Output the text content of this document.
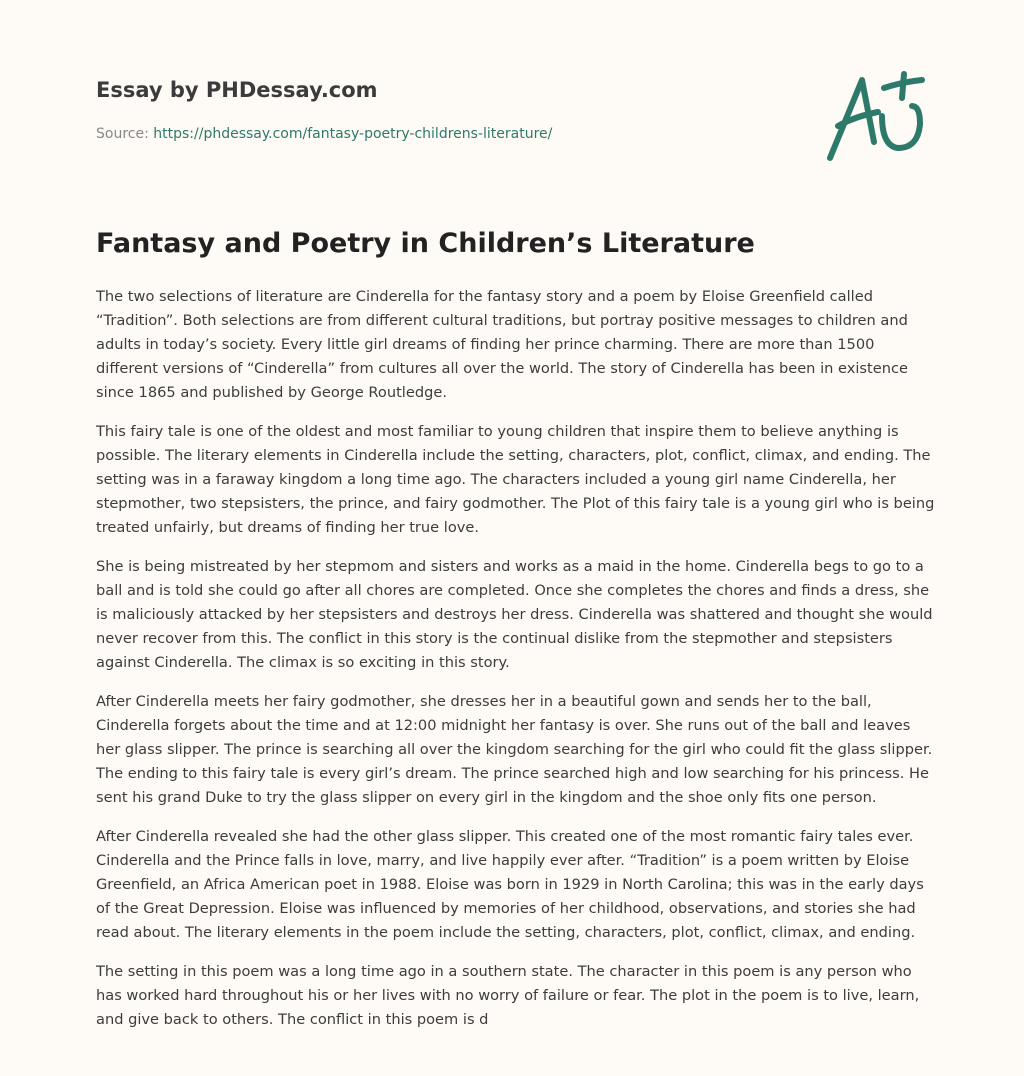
Essay by PHDessay.com
Source: https://phdessay.com/fantasy-poetry-childrens-literature/
Fantasy and Poetry in Children’s Literature

The two selections of literature are Cinderella for the fantasy story and a poem by Eloise Greenfield called “Tradition”. Both selections are from different cultural traditions, but portray positive messages to children and adults in today’s society. Every little girl dreams of finding her prince charming. There are more than 1500 different versions of “Cinderella” from cultures all over the world. The story of Cinderella has been in existence since 1865 and published by George Routledge.

This fairy tale is one of the oldest and most familiar to young children that inspire them to believe anything is possible. The literary elements in Cinderella include the setting, characters, plot, conflict, climax, and ending. The setting was in a faraway kingdom a long time ago. The characters included a young girl name Cinderella, her stepmother, two stepsisters, the prince, and fairy godmother. The Plot of this fairy tale is a young girl who is being treated unfairly, but dreams of finding her true love.

She is being mistreated by her stepmom and sisters and works as a maid in the home. Cinderella begs to go to a ball and is told she could go after all chores are completed. Once she completes the chores and finds a dress, she is maliciously attacked by her stepsisters and destroys her dress. Cinderella was shattered and thought she would never recover from this. The conflict in this story is the continual dislike from the stepmother and stepsisters against Cinderella. The climax is so exciting in this story.

After Cinderella meets her fairy godmother, she dresses her in a beautiful gown and sends her to the ball, Cinderella forgets about the time and at 12:00 midnight her fantasy is over. She runs out of the ball and leaves her glass slipper. The prince is searching all over the kingdom searching for the girl who could fit the glass slipper. The ending to this fairy tale is every girl’s dream. The prince searched high and low searching for his princess. He sent his grand Duke to try the glass slipper on every girl in the kingdom and the shoe only fits one person.

After Cinderella revealed she had the other glass slipper. This created one of the most romantic fairy tales ever. Cinderella and the Prince falls in love, marry, and live happily ever after. “Tradition” is a poem written by Eloise Greenfield, an Africa American poet in 1988. Eloise was born in 1929 in North Carolina; this was in the early days of the Great Depression. Eloise was influenced by memories of her childhood, observations, and stories she had read about. The literary elements in the poem include the setting, characters, plot, conflict, climax, and ending.

The setting in this poem was a long time ago in a southern state. The character in this poem is any person who has worked hard throughout his or her lives with no worry of failure or fear. The plot in the poem is to live, learn, and give back to others. The conflict in this poem is d
